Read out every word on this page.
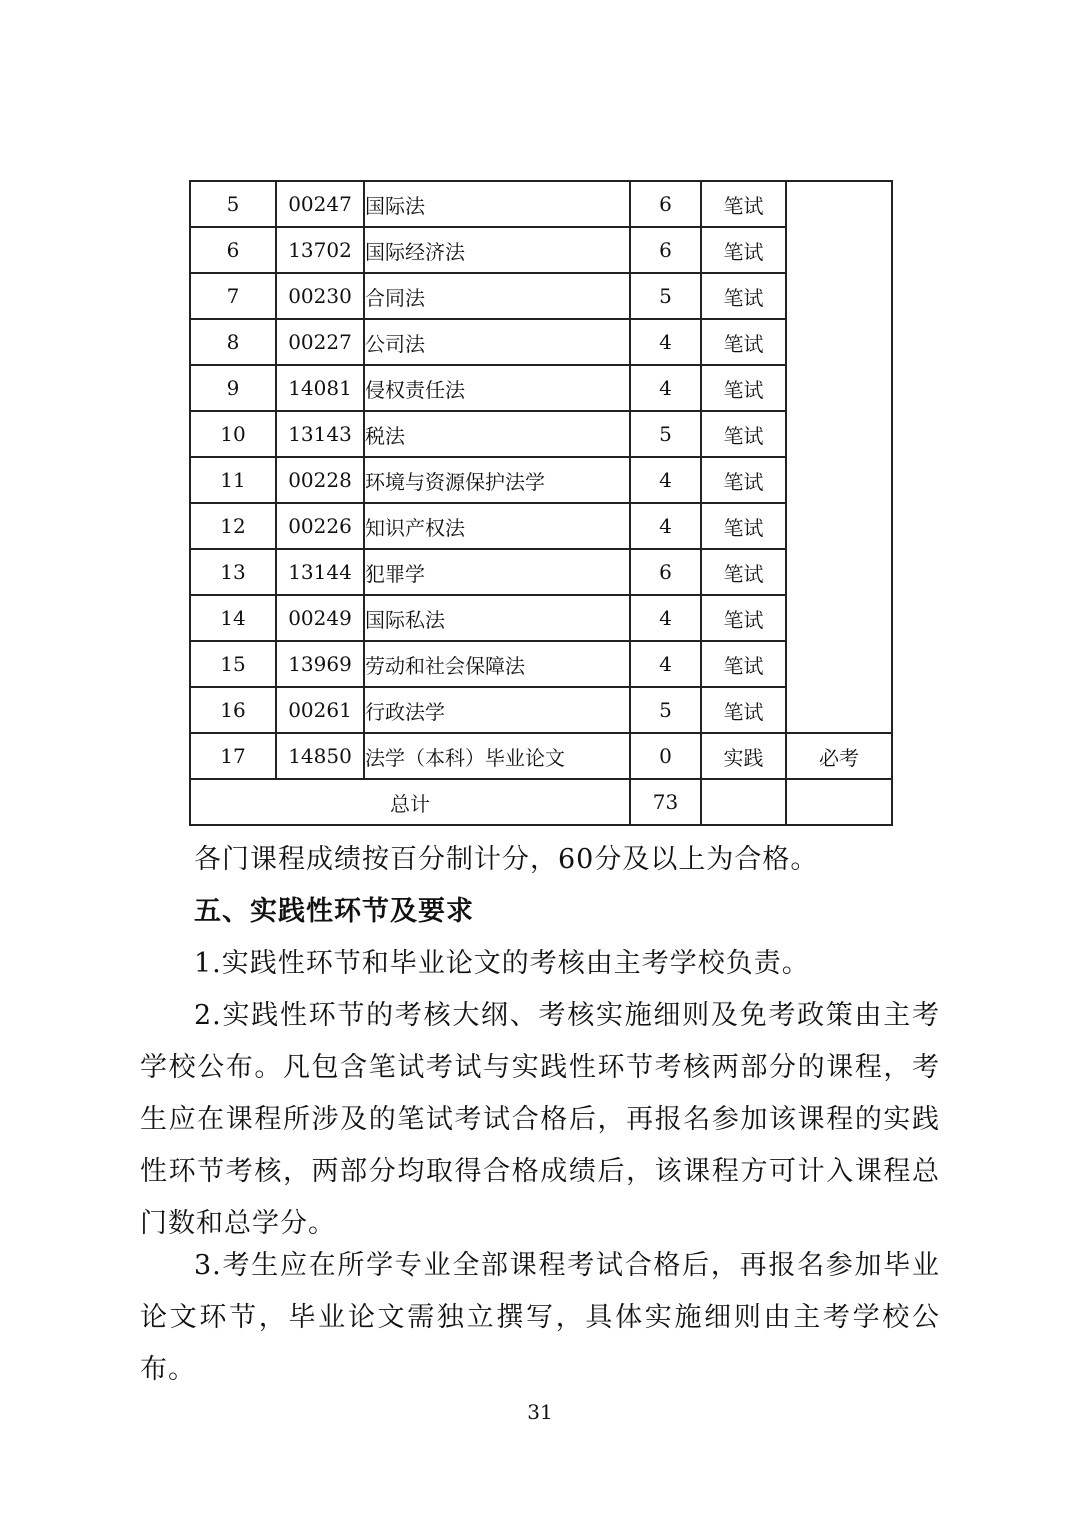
5	00247	国际法	6	笔试	
6	13702	国际经济法	6	笔试	
7	00230	合同法	5	笔试	
8	00227	公司法	4	笔试	
9	14081	侵权责任法	4	笔试	
10	13143	税法	5	笔试	
11	00228	环境与资源保护法学	4	笔试	
12	00226	知识产权法	4	笔试	
13	13144	犯罪学	6	笔试	
14	00249	国际私法	4	笔试	
15	13969	劳动和社会保障法	4	笔试	
16	00261	行政法学	5	笔试	
17	14850	法学（本科）毕业论文	0	实践	必考
总计			73		

各门课程成绩按百分制计分，60分及以上为合格。

五、实践性环节及要求

1.实践性环节和毕业论文的考核由主考学校负责。

2.实践性环节的考核大纲、考核实施细则及免考政策由主考学校公布。凡包含笔试考试与实践性环节考核两部分的课程，考生应在课程所涉及的笔试考试合格后，再报名参加该课程的实践性环节考核，两部分均取得合格成绩后，该课程方可计入课程总门数和总学分。

3.考生应在所学专业全部课程考试合格后，再报名参加毕业论文环节，毕业论文需独立撰写，具体实施细则由主考学校公布。

31
